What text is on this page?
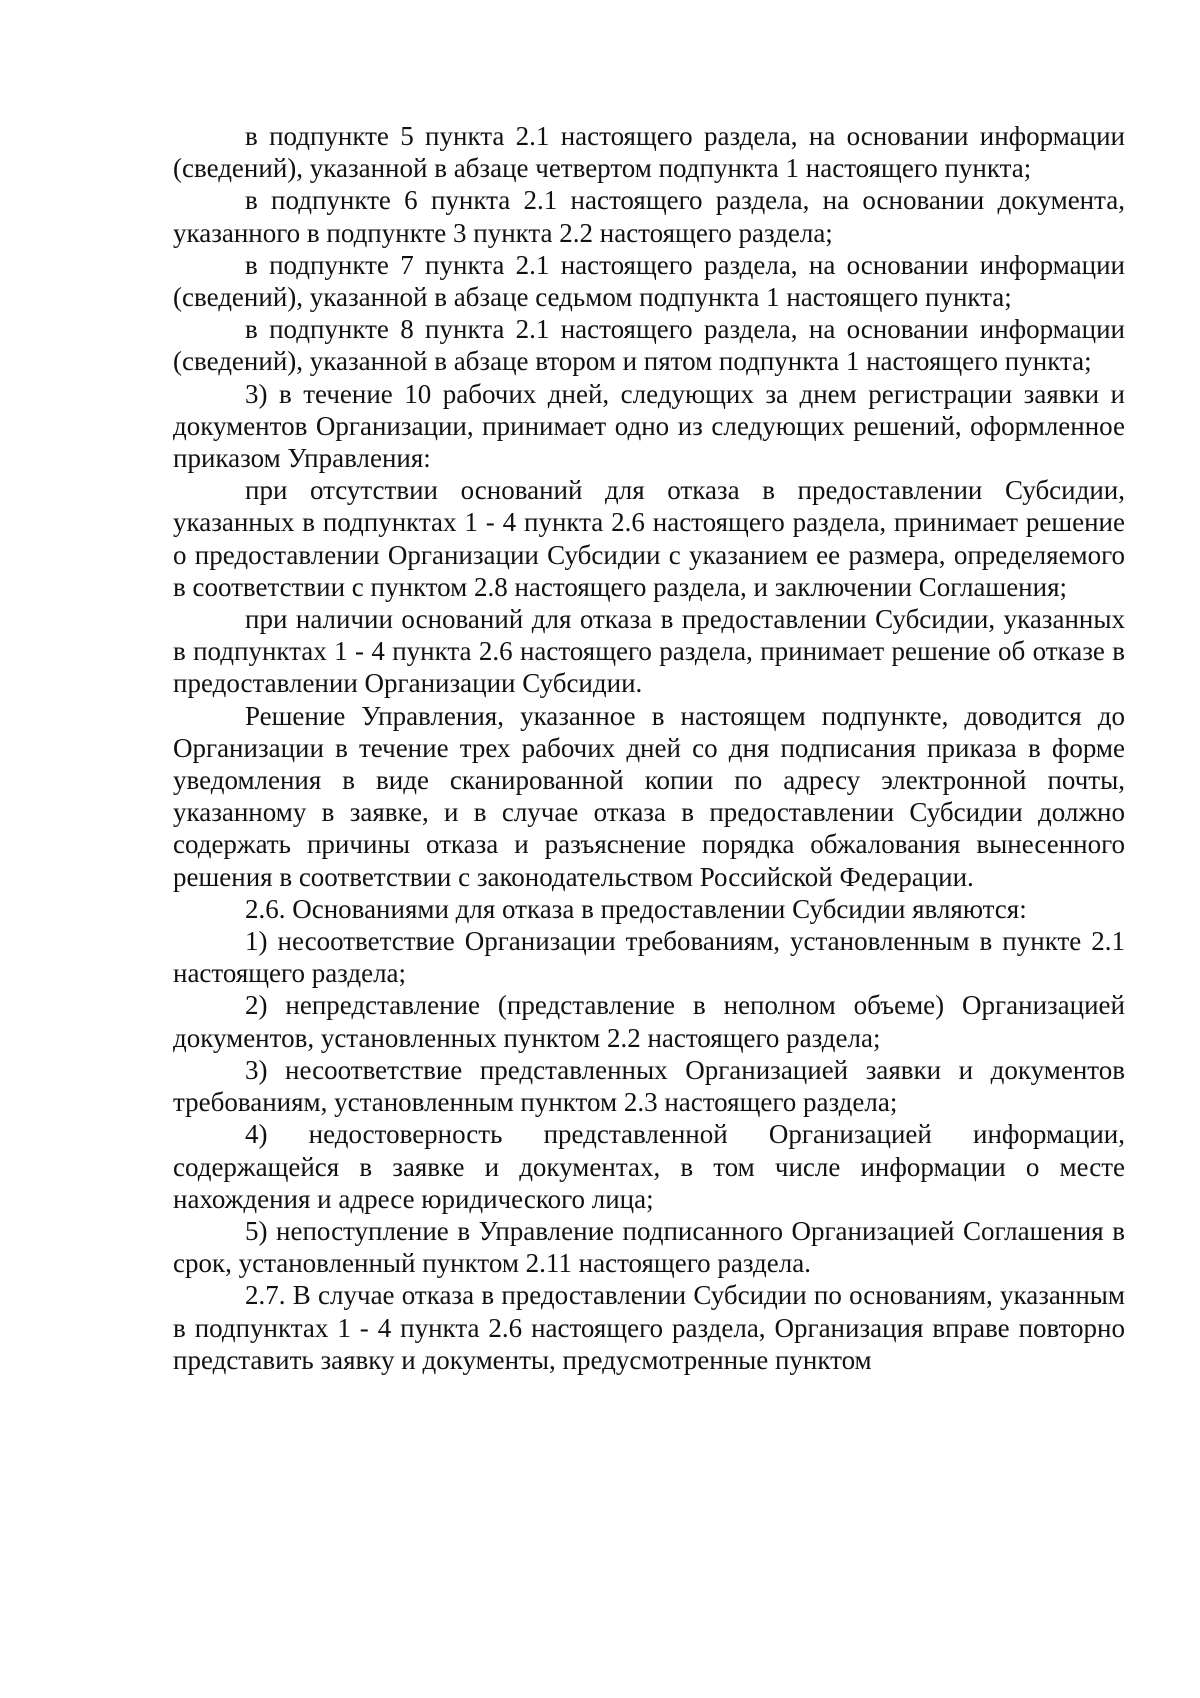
в подпункте 5 пункта 2.1 настоящего раздела, на основании информации (сведений), указанной в абзаце четвертом подпункта 1 настоящего пункта;

в подпункте 6 пункта 2.1 настоящего раздела, на основании документа, указанного в подпункте 3 пункта 2.2 настоящего раздела;

в подпункте 7 пункта 2.1 настоящего раздела, на основании информации (сведений), указанной в абзаце седьмом подпункта 1 настоящего пункта;

в подпункте 8 пункта 2.1 настоящего раздела, на основании информации (сведений), указанной в абзаце втором и пятом подпункта 1 настоящего пункта;

3) в течение 10 рабочих дней, следующих за днем регистрации заявки и документов Организации, принимает одно из следующих решений, оформленное приказом Управления:

при отсутствии оснований для отказа в предоставлении Субсидии, указанных в подпунктах 1 - 4 пункта 2.6 настоящего раздела, принимает решение о предоставлении Организации Субсидии с указанием ее размера, определяемого в соответствии с пунктом 2.8 настоящего раздела, и заключении Соглашения;

при наличии оснований для отказа в предоставлении Субсидии, указанных в подпунктах 1 - 4 пункта 2.6 настоящего раздела, принимает решение об отказе в предоставлении Организации Субсидии.

Решение Управления, указанное в настоящем подпункте, доводится до Организации в течение трех рабочих дней со дня подписания приказа в форме уведомления в виде сканированной копии по адресу электронной почты, указанному в заявке, и в случае отказа в предоставлении Субсидии должно содержать причины отказа и разъяснение порядка обжалования вынесенного решения в соответствии с законодательством Российской Федерации.

2.6. Основаниями для отказа в предоставлении Субсидии являются:

1) несоответствие Организации требованиям, установленным в пункте 2.1 настоящего раздела;

2) непредставление (представление в неполном объеме) Организацией документов, установленных пунктом 2.2 настоящего раздела;

3) несоответствие представленных Организацией заявки и документов требованиям, установленным пунктом 2.3 настоящего раздела;

4) недостоверность представленной Организацией информации, содержащейся в заявке и документах, в том числе информации о месте нахождения и адресе юридического лица;

5) непоступление в Управление подписанного Организацией Соглашения в срок, установленный пунктом 2.11 настоящего раздела.

2.7. В случае отказа в предоставлении Субсидии по основаниям, указанным в подпунктах 1 - 4 пункта 2.6 настоящего раздела, Организация вправе повторно представить заявку и документы, предусмотренные пунктом
